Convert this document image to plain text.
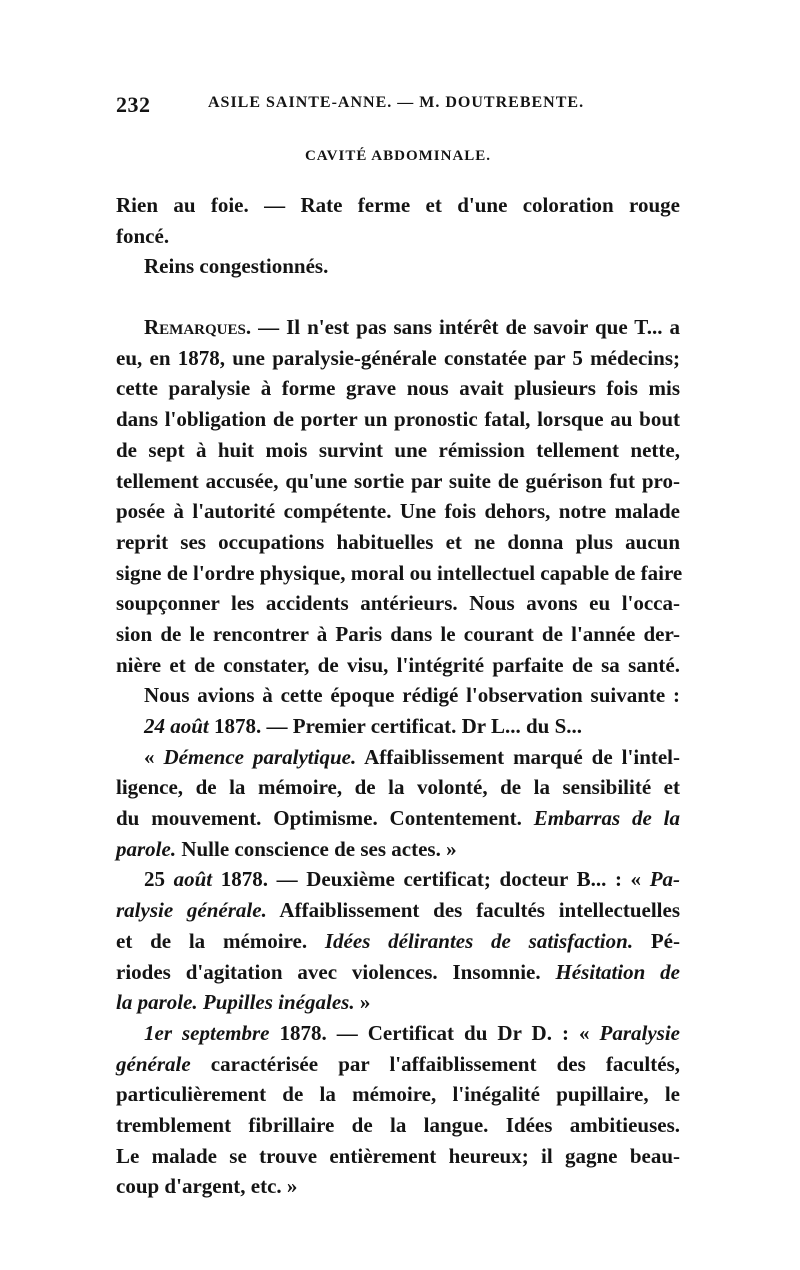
232	ASILE SAINTE-ANNE. — M. DOUTREBENTE.
CAVITÉ ABDOMINALE.
Rien au foie. — Rate ferme et d'une coloration rouge
foncé.
Reins congestionnés.
Remarques. — Il n'est pas sans intérêt de savoir que T... a
eu, en 1878, une paralysie-générale constatée par 5 médecins;
cette paralysie à forme grave nous avait plusieurs fois mis
dans l'obligation de porter un pronostic fatal, lorsque au bout
de sept à huit mois survint une rémission tellement nette,
tellement accusée, qu'une sortie par suite de guérison fut pro-
posée à l'autorité compétente. Une fois dehors, notre malade
reprit ses occupations habituelles et ne donna plus aucun
signe de l'ordre physique, moral ou intellectuel capable de faire
soupçonner les accidents antérieurs. Nous avons eu l'occa-
sion de le rencontrer à Paris dans le courant de l'année der-
nière et de constater, de visu, l'intégrité parfaite de sa santé.
Nous avions à cette époque rédigé l'observation suivante :
24 août 1878. — Premier certificat. Dr L... du S...
« Démence paralytique. Affaiblissement marqué de l'intel-
ligence, de la mémoire, de la volonté, de la sensibilité et
du mouvement. Optimisme. Contentement. Embarras de la
parole. Nulle conscience de ses actes. »
25 août 1878. — Deuxième certificat; docteur B... : « Pa-
ralysie générale. Affaiblissement des facultés intellectuelles
et de la mémoire. Idées délirantes de satisfaction. Pé-
riodes d'agitation avec violences. Insomnie. Hésitation de
la parole. Pupilles inégales. »
1er septembre 1878. — Certificat du Dr D. : « Paralysie
générale caractérisée par l'affaiblissement des facultés,
particulièrement de la mémoire, l'inégalité pupillaire, le
tremblement fibrillaire de la langue. Idées ambitieuses.
Le malade se trouve entièrement heureux; il gagne beau-
coup d'argent, etc. »
